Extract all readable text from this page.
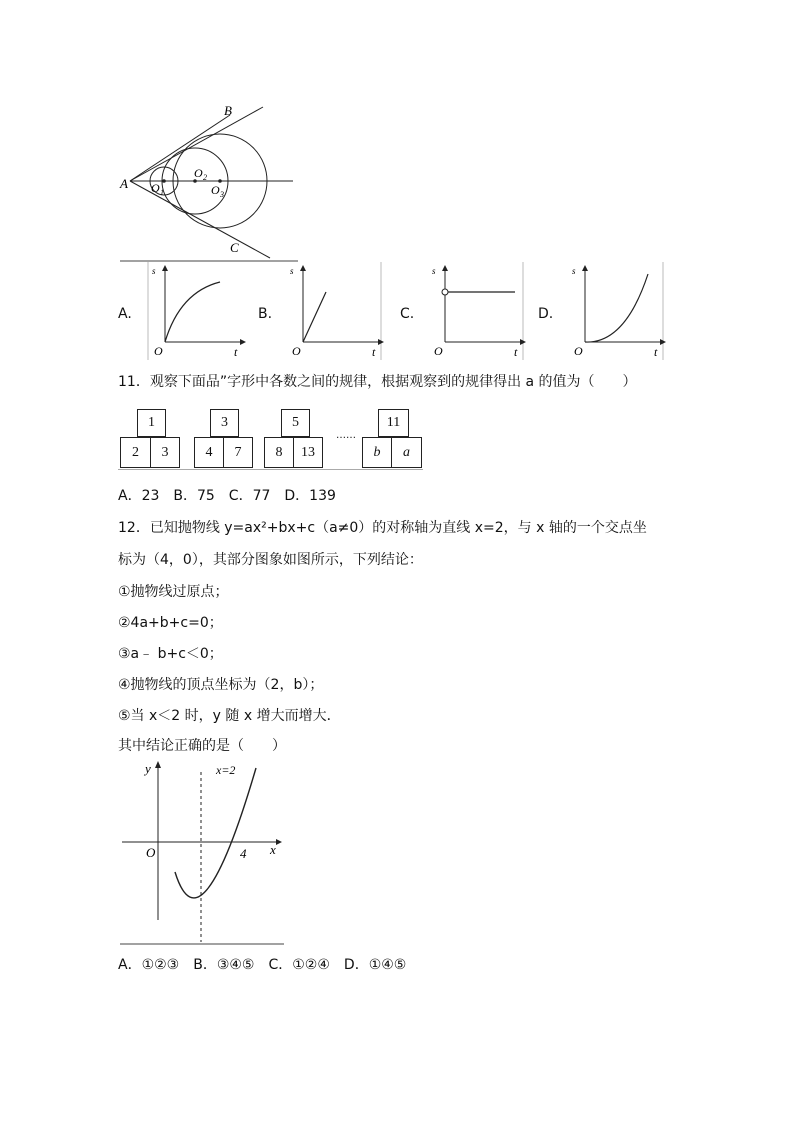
A
B
C
O 1
O 2
O 3
A.
O
s
t
B.
O
s
t
C.
O
s
t
D.
O
s
t
11．观察下面品”字形中各数之间的规律，根据观察到的规律得出 a 的值为（　　）
1
2	3
3
4	7
5
8	13
……
11
b	a
A．23　B．75　C．77　D．139
12．已知抛物线 y=ax²+bx+c（a≠0）的对称轴为直线 x=2，与 x 轴的一个交点坐
标为（4，0），其部分图象如图所示，下列结论：
①抛物线过原点；
②4a+b+c=0；
③a﹣ b+c＜0；
④抛物线的顶点坐标为（2，b）；
⑤当 x＜2 时，y 随 x 增大而增大．
其中结论正确的是（　　）
O
y
x
x=2
4
A．①②③　B．③④⑤　C．①②④　D．①④⑤
